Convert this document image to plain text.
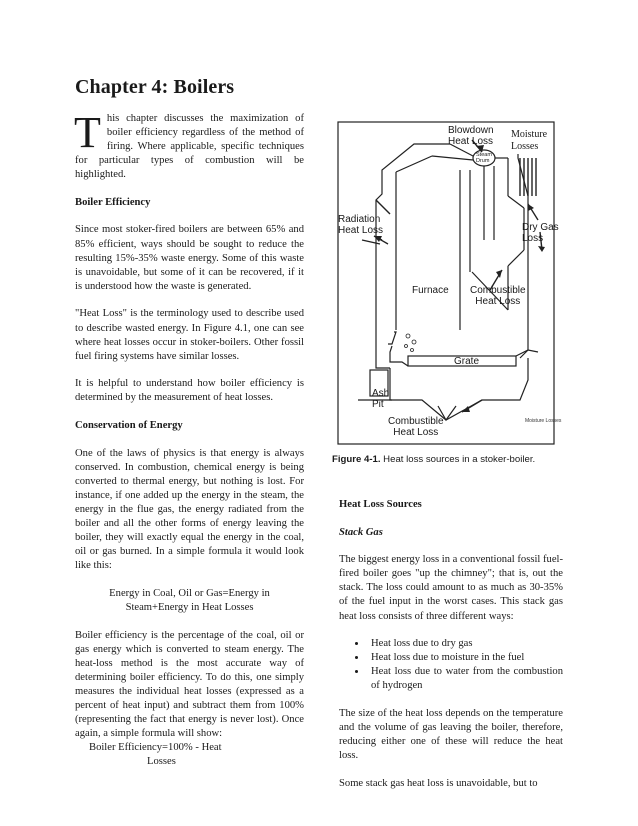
Chapter 4: Boilers

This chapter discusses the maximization of boiler efficiency regardless of the method of firing. Where applicable, specific techniques for particular types of combustion will be highlighted.

Boiler Efficiency

Since most stoker-fired boilers are between 65% and 85% efficient, ways should be sought to reduce the resulting 15%-35% waste energy. Some of this waste is unavoidable, but some of it can be recovered, if it is understood how the waste is generated.

"Heat Loss" is the terminology used to describe used to describe wasted energy. In Figure 4.1, one can see where heat losses occur in stoker-boilers. Other fossil fuel firing systems have similar losses.

It is helpful to understand how boiler efficiency is determined by the measurement of heat losses.

Conservation of Energy

One of the laws of physics is that energy is always conserved. In combustion, chemical energy is being converted to thermal energy, but nothing is lost. For instance, if one added up the energy in the steam, the energy in the flue gas, the energy radiated from the boiler and all the other forms of energy leaving the boiler, they will exactly equal the energy in the coal, oil or gas burned. In a simple formula it would look like this:

Energy in Coal, Oil or Gas=Energy in
Steam+Energy in Heat Losses

Boiler efficiency is the percentage of the coal, oil or gas energy which is converted to steam energy. The heat-loss method is the most accurate way of determining boiler efficiency. To do this, one simply measures the individual heat losses (expressed as a percent of heat input) and subtract them from 100% (representing the fact that energy is never lost). Once again, a simple formula will show:

Boiler Efficiency=100% - Heat
Losses
Blowdown
Heat Loss
Moisture
Losses
Steam
Drum
Radiation
Heat Loss	Dry Gas
Loss
Furnace Combustible
Heat Loss
Grate
Ash
Pit
Combustible
Heat Loss
Moisture Losses
Figure 4-1. Heat loss sources in a stoker-boiler.
Heat Loss Sources
Stack Gas

The biggest energy loss in a conventional fossil fuel-fired boiler goes "up the chimney"; that is, out the stack. The loss could amount to as much as 30-35% of the fuel input in the worst cases. This stack gas heat loss consists of three different ways:

• Heat loss due to dry gas
• Heat loss due to moisture in the fuel
• Heat loss due to water from the combustion of hydrogen

The size of the heat loss depends on the temperature and the volume of gas leaving the boiler, therefore, reducing either one of these will reduce the heat loss.

Some stack gas heat loss is unavoidable, but to
